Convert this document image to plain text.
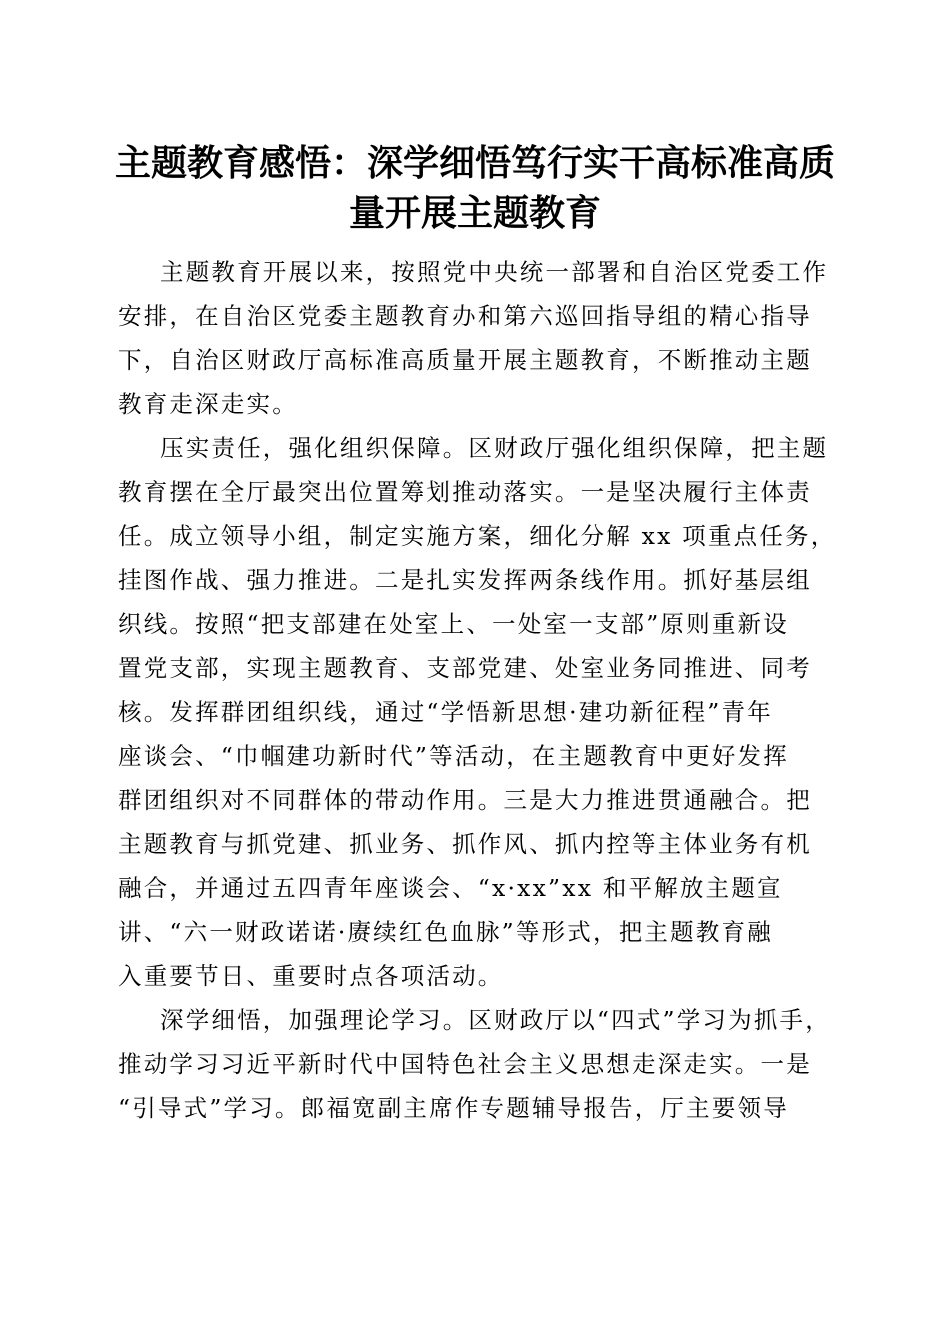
主题教育感悟：深学细悟笃行实干高标准高质
量开展主题教育
主题教育开展以来，按照党中央统一部署和自治区党委工作
安排，在自治区党委主题教育办和第六巡回指导组的精心指导
下，自治区财政厅高标准高质量开展主题教育，不断推动主题
教育走深走实。
压实责任，强化组织保障。区财政厅强化组织保障，把主题
教育摆在全厅最突出位置筹划推动落实。一是坚决履行主体责
任。成立领导小组，制定实施方案，细化分解 xx 项重点任务，
挂图作战、强力推进。二是扎实发挥两条线作用。抓好基层组
织线。按照“把支部建在处室上、一处室一支部”原则重新设
置党支部，实现主题教育、支部党建、处室业务同推进、同考
核。发挥群团组织线，通过“学悟新思想·建功新征程”青年
座谈会、“巾帼建功新时代”等活动，在主题教育中更好发挥
群团组织对不同群体的带动作用。三是大力推进贯通融合。把
主题教育与抓党建、抓业务、抓作风、抓内控等主体业务有机
融合，并通过五四青年座谈会、“x·xx”xx 和平解放主题宣
讲、“六一财政诺诺·赓续红色血脉”等形式，把主题教育融
入重要节日、重要时点各项活动。
深学细悟，加强理论学习。区财政厅以“四式”学习为抓手，
推动学习习近平新时代中国特色社会主义思想走深走实。一是
“引导式”学习。郎福宽副主席作专题辅导报告，厅主要领导
